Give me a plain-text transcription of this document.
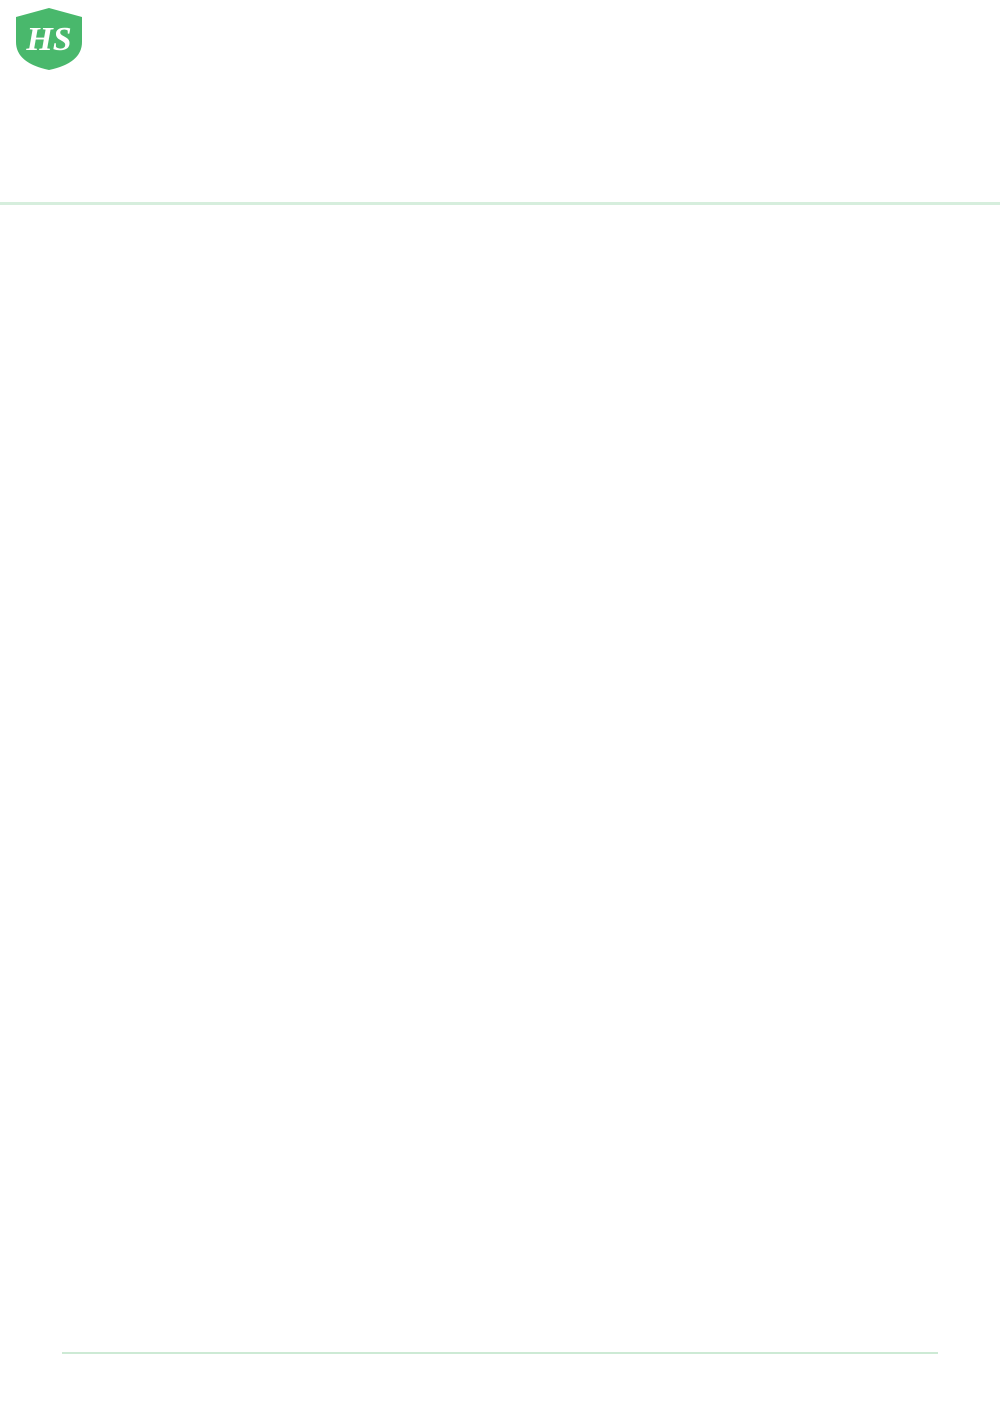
HS
